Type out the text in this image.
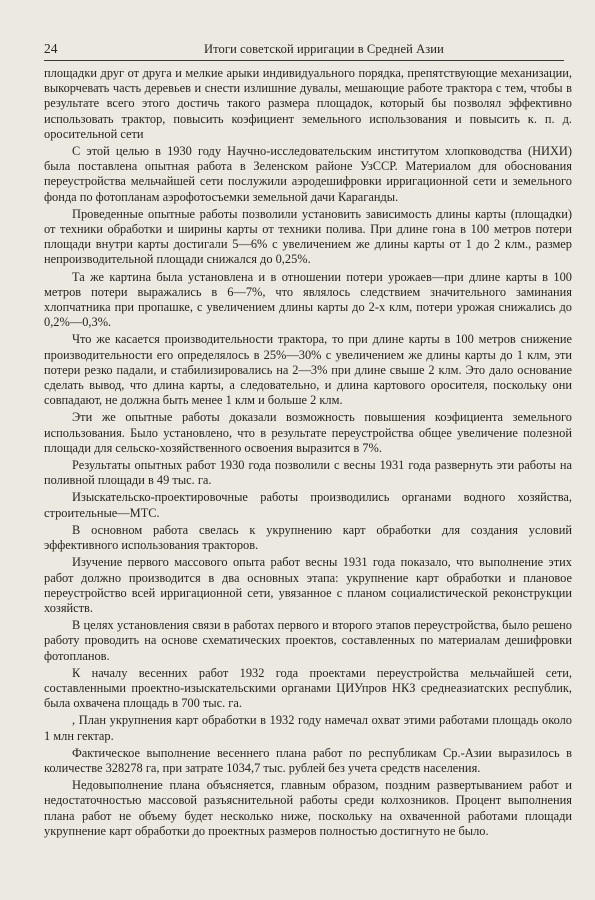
24	Итоги советской ирригации в Средней Азии

площадки друг от друга и мелкие арыки индивидуального порядка, препятствующие механизации, выкорчевать часть деревьев и снести излишние дувалы, мешающие работе трактора с тем, чтобы в результате всего этого достичь такого размера площадок, который бы позволял эффективно использовать трактор, повысить коэфициент земельного использования и повысить к. п. д. оросительной сети

С этой целью в 1930 году Научно-исследовательским институтом хлопководства (НИХИ) была поставлена опытная работа в Зеленском районе УзССР. Материалом для обоснования переустройства мельчайшей сети послужили аэродешифровки ирригационной сети и земельного фонда по фотопланам аэрофотосъемки земельной дачи Караганды.

Проведенные опытные работы позволили установить зависимость длины карты (площадки) от техники обработки и ширины карты от техники полива. При длине гона в 100 метров потери площади внутри карты достигали 5—6% с увеличением же длины карты от 1 до 2 клм., размер непроизводительной площади снижался до 0,25%.

Та же картина была установлена и в отношении потери урожаев—при длине карты в 100 метров потери выражались в 6—7%, что являлось следствием значительного заминания хлопчатника при пропашке, с увеличением длины карты до 2-х клм, потери урожая снижались до 0,2%—0,3%.

Что же касается производительности трактора, то при длине карты в 100 метров снижение производительности его определялось в 25%—30% с увеличением же длины карты до 1 клм, эти потери резко падали, и стабилизировались на 2—3% при длине свыше 2 клм. Это дало основание сделать вывод, что длина карты, а следовательно, и длина картового оросителя, поскольку они совпадают, не должна быть менее 1 клм и больше 2 клм.

Эти же опытные работы доказали возможность повышения коэфициента земельного использования. Было установлено, что в результате переустройства общее увеличение полезной площади для сельско-хозяйственного освоения выразится в 7%.

Результаты опытных работ 1930 года позволили с весны 1931 года развернуть эти работы на поливной площади в 49 тыс. га.

Изыскательско-проектировочные работы производились органами водного хозяйства, строительные—МТС.

В основном работа свелась к укрупнению карт обработки для создания условий эффективного использования тракторов.

Изучение первого массового опыта работ весны 1931 года показало, что выполнение этих работ должно производится в два основных этапа: укрупнение карт обработки и плановое переустройство всей ирригационной сети, увязанное с планом социалистической реконструкции хозяйств.

В целях установления связи в работах первого и второго этапов переустройства, было решено работу проводить на основе схематических проектов, составленных по материалам дешифровки фотопланов.

К началу весенних работ 1932 года проектами переустройства мельчайшей сети, составленными проектно-изыскательскими органами ЦИУпров НКЗ среднеазиатских республик, была охвачена площадь в 700 тыс. га.

, План укрупнения карт обработки в 1932 году намечал охват этими работами площадь около 1 млн гектар.

Фактическое выполнение весеннего плана работ по республикам Ср.-Азии выразилось в количестве 328278 га, при затрате 1034,7 тыс. рублей без учета средств населения.

Недовыполнение плана объясняется, главным образом, поздним развертыванием работ и недостаточностью массовой разъяснительной работы среди колхозников. Процент выполнения плана работ не объему будет несколько ниже, поскольку на охваченной работами площади укрупнение карт обработки до проектных размеров полностью достигнуто не было.
